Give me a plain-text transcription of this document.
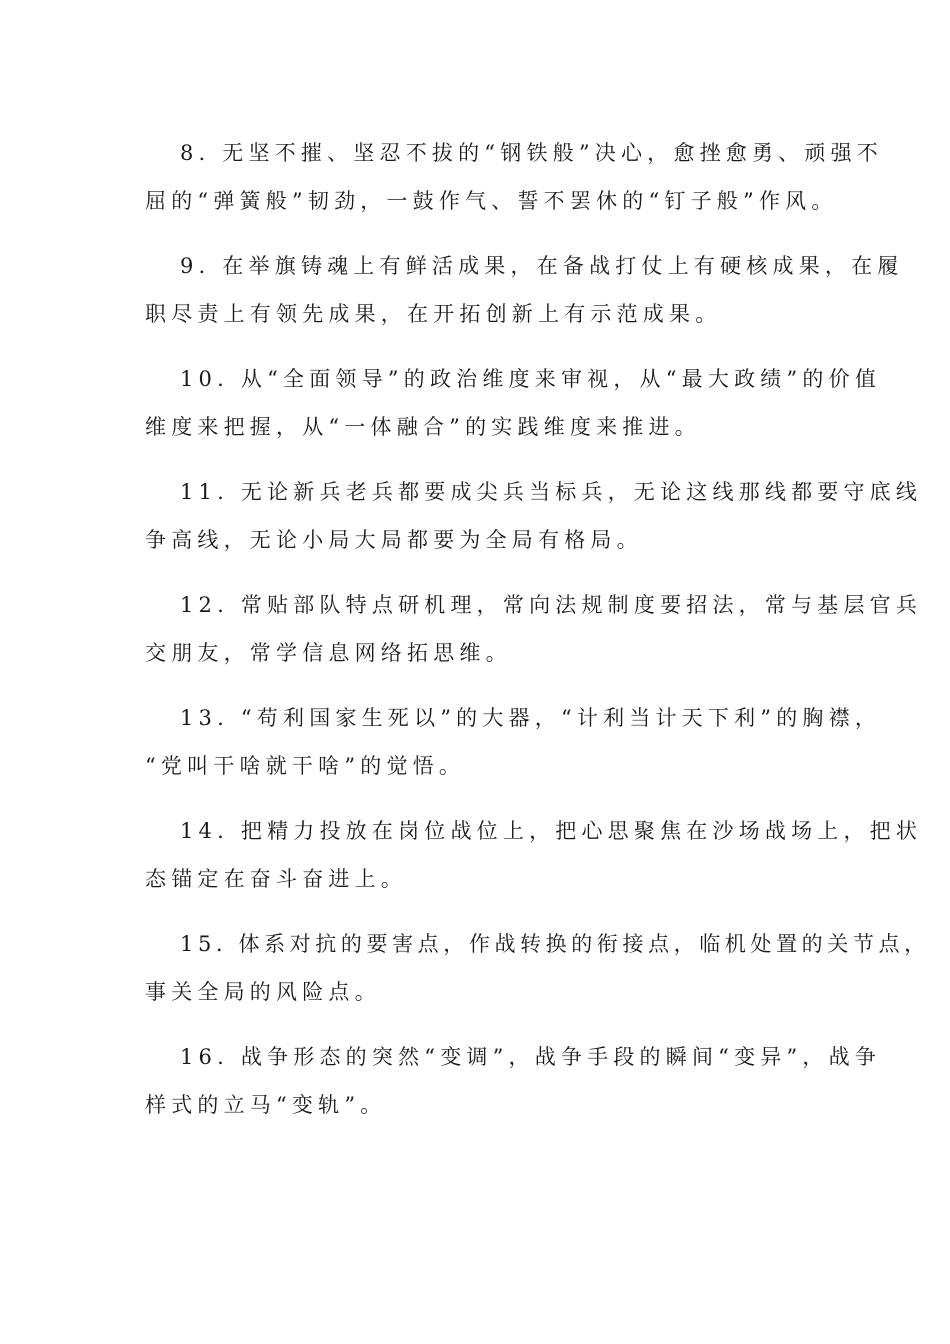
8. 无坚不摧、坚忍不拔的“钢铁般”决心，愈挫愈勇、顽强不
屈的“弹簧般”韧劲，一鼓作气、誓不罢休的“钉子般”作风。
9. 在举旗铸魂上有鲜活成果，在备战打仗上有硬核成果，在履
职尽责上有领先成果，在开拓创新上有示范成果。
10. 从“全面领导”的政治维度来审视，从“最大政绩”的价值
维度来把握，从“一体融合”的实践维度来推进。
11. 无论新兵老兵都要成尖兵当标兵，无论这线那线都要守底线
争高线，无论小局大局都要为全局有格局。
12. 常贴部队特点研机理，常向法规制度要招法，常与基层官兵
交朋友，常学信息网络拓思维。
13. “苟利国家生死以”的大器，“计利当计天下利”的胸襟，
“党叫干啥就干啥”的觉悟。
14. 把精力投放在岗位战位上，把心思聚焦在沙场战场上，把状
态锚定在奋斗奋进上。
15. 体系对抗的要害点，作战转换的衔接点，临机处置的关节点，
事关全局的风险点。
16. 战争形态的突然“变调”，战争手段的瞬间“变异”，战争
样式的立马“变轨”。
